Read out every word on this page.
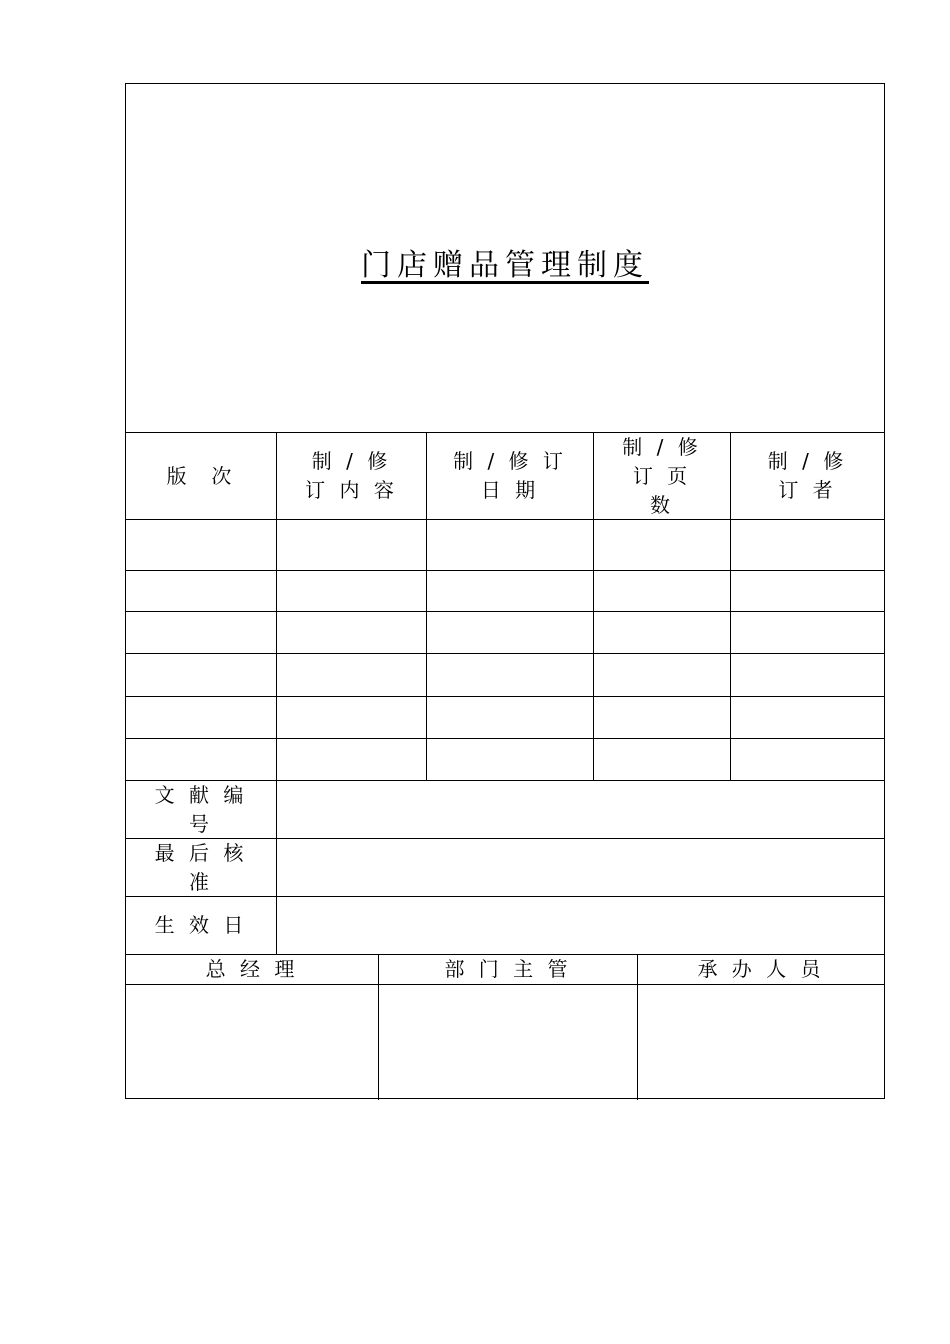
门店赠品管理制度
版  次
制 / 修
订 内 容
制 / 修 订
日 期
制 / 修
订 页
数
制 / 修
订 者
文 献 编
号
最 后 核
准
生 效 日
总 经 理	部 门 主 管	承 办 人 员
